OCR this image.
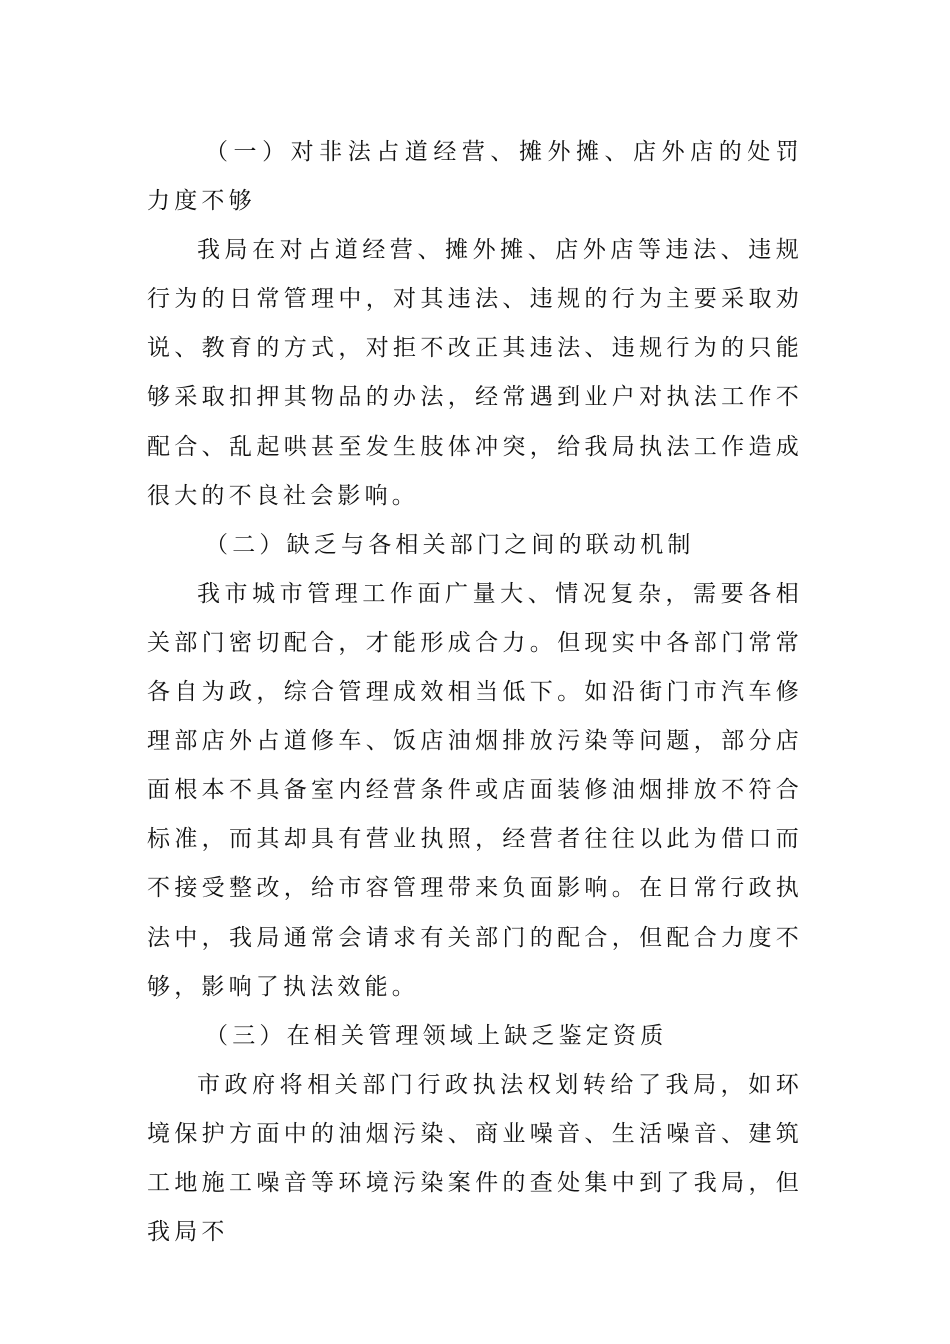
（一）对非法占道经营、摊外摊、店外店的处罚力度不够

我局在对占道经营、摊外摊、店外店等违法、违规行为的日常管理中，对其违法、违规的行为主要采取劝说、教育的方式，对拒不改正其违法、违规行为的只能够采取扣押其物品的办法，经常遇到业户对执法工作不配合、乱起哄甚至发生肢体冲突，给我局执法工作造成很大的不良社会影响。

（二）缺乏与各相关部门之间的联动机制

我市城市管理工作面广量大、情况复杂，需要各相关部门密切配合，才能形成合力。但现实中各部门常常各自为政，综合管理成效相当低下。如沿街门市汽车修理部店外占道修车、饭店油烟排放污染等问题，部分店面根本不具备室内经营条件或店面装修油烟排放不符合标准，而其却具有营业执照，经营者往往以此为借口而不接受整改，给市容管理带来负面影响。在日常行政执法中，我局通常会请求有关部门的配合，但配合力度不够，影响了执法效能。

（三）在相关管理领域上缺乏鉴定资质

市政府将相关部门行政执法权划转给了我局，如环境保护方面中的油烟污染、商业噪音、生活噪音、建筑工地施工噪音等环境污染案件的查处集中到了我局，但我局不
